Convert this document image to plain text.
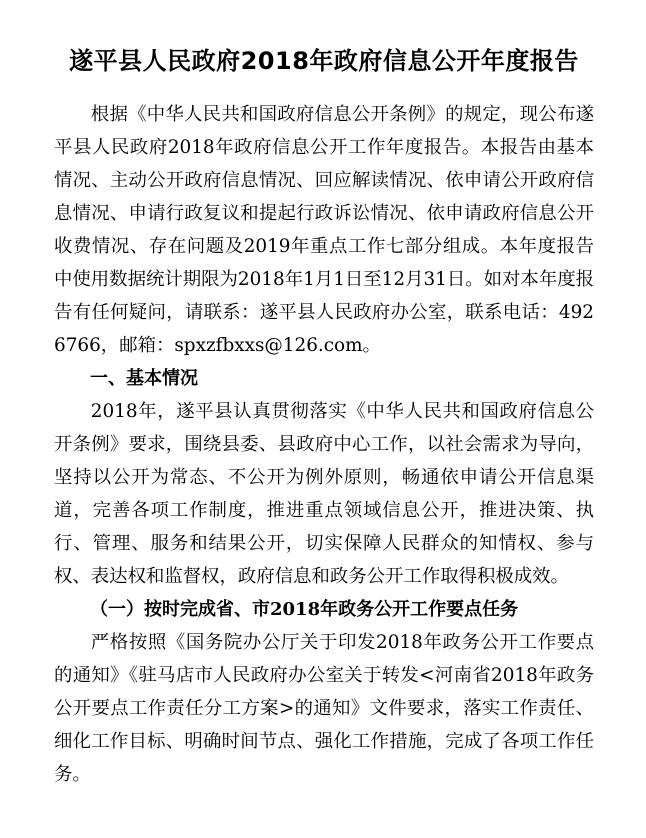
遂平县人民政府2018年政府信息公开年度报告

根据《中华人民共和国政府信息公开条例》的规定，现公布遂平县人民政府2018年政府信息公开工作年度报告。本报告由基本情况、主动公开政府信息情况、回应解读情况、依申请公开政府信息情况、申请行政复议和提起行政诉讼情况、依申请政府信息公开收费情况、存在问题及2019年重点工作七部分组成。本年度报告中使用数据统计期限为2018年1月1日至12月31日。如对本年度报告有任何疑问，请联系：遂平县人民政府办公室，联系电话：4926766，邮箱：spxzfbxxs@126.com。

一、基本情况

2018年，遂平县认真贯彻落实《中华人民共和国政府信息公开条例》要求，围绕县委、县政府中心工作，以社会需求为导向，坚持以公开为常态、不公开为例外原则，畅通依申请公开信息渠道，完善各项工作制度，推进重点领域信息公开，推进决策、执行、管理、服务和结果公开，切实保障人民群众的知情权、参与权、表达权和监督权，政府信息和政务公开工作取得积极成效。

（一）按时完成省、市2018年政务公开工作要点任务

严格按照《国务院办公厅关于印发2018年政务公开工作要点的通知》《驻马店市人民政府办公室关于转发<河南省2018年政务公开要点工作责任分工方案>的通知》文件要求，落实工作责任、细化工作目标、明确时间节点、强化工作措施，完成了各项工作任务。
